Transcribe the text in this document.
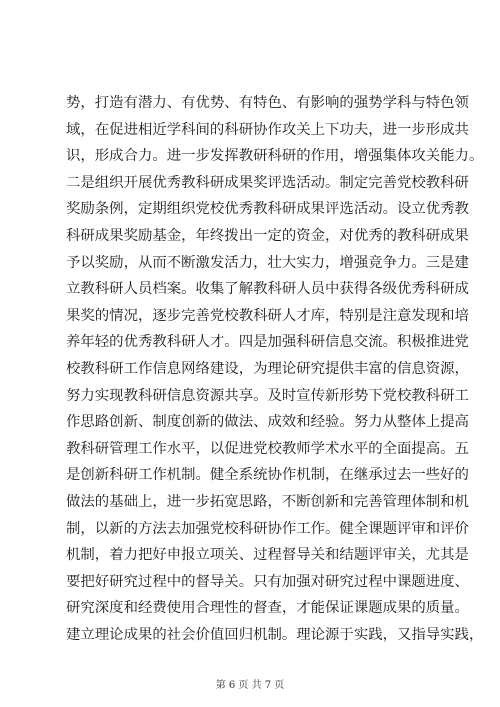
势，打造有潜力、有优势、有特色、有影响的强势学科与特色领
域，在促进相近学科间的科研协作攻关上下功夫，进一步形成共
识，形成合力。进一步发挥教研科研的作用，增强集体攻关能力。
二是组织开展优秀教科研成果奖评选活动。制定完善党校教科研
奖励条例，定期组织党校优秀教科研成果评选活动。设立优秀教
科研成果奖励基金，年终拨出一定的资金，对优秀的教科研成果
予以奖励，从而不断激发活力，壮大实力，增强竞争力。三是建
立教科研人员档案。收集了解教科研人员中获得各级优秀科研成
果奖的情况，逐步完善党校教科研人才库，特别是注意发现和培
养年轻的优秀教科研人才。四是加强科研信息交流。积极推进党
校教科研工作信息网络建设，为理论研究提供丰富的信息资源，
努力实现教科研信息资源共享。及时宣传新形势下党校教科研工
作思路创新、制度创新的做法、成效和经验。努力从整体上提高
教科研管理工作水平，以促进党校教师学术水平的全面提高。五
是创新科研工作机制。健全系统协作机制，在继承过去一些好的
做法的基础上，进一步拓宽思路，不断创新和完善管理体制和机
制，以新的方法去加强党校科研协作工作。健全课题评审和评价
机制，着力把好申报立项关、过程督导关和结题评审关，尤其是
要把好研究过程中的督导关。只有加强对研究过程中课题进度、
研究深度和经费使用合理性的督查，才能保证课题成果的质量。
建立理论成果的社会价值回归机制。理论源于实践，又指导实践，
第 6 页 共 7 页
